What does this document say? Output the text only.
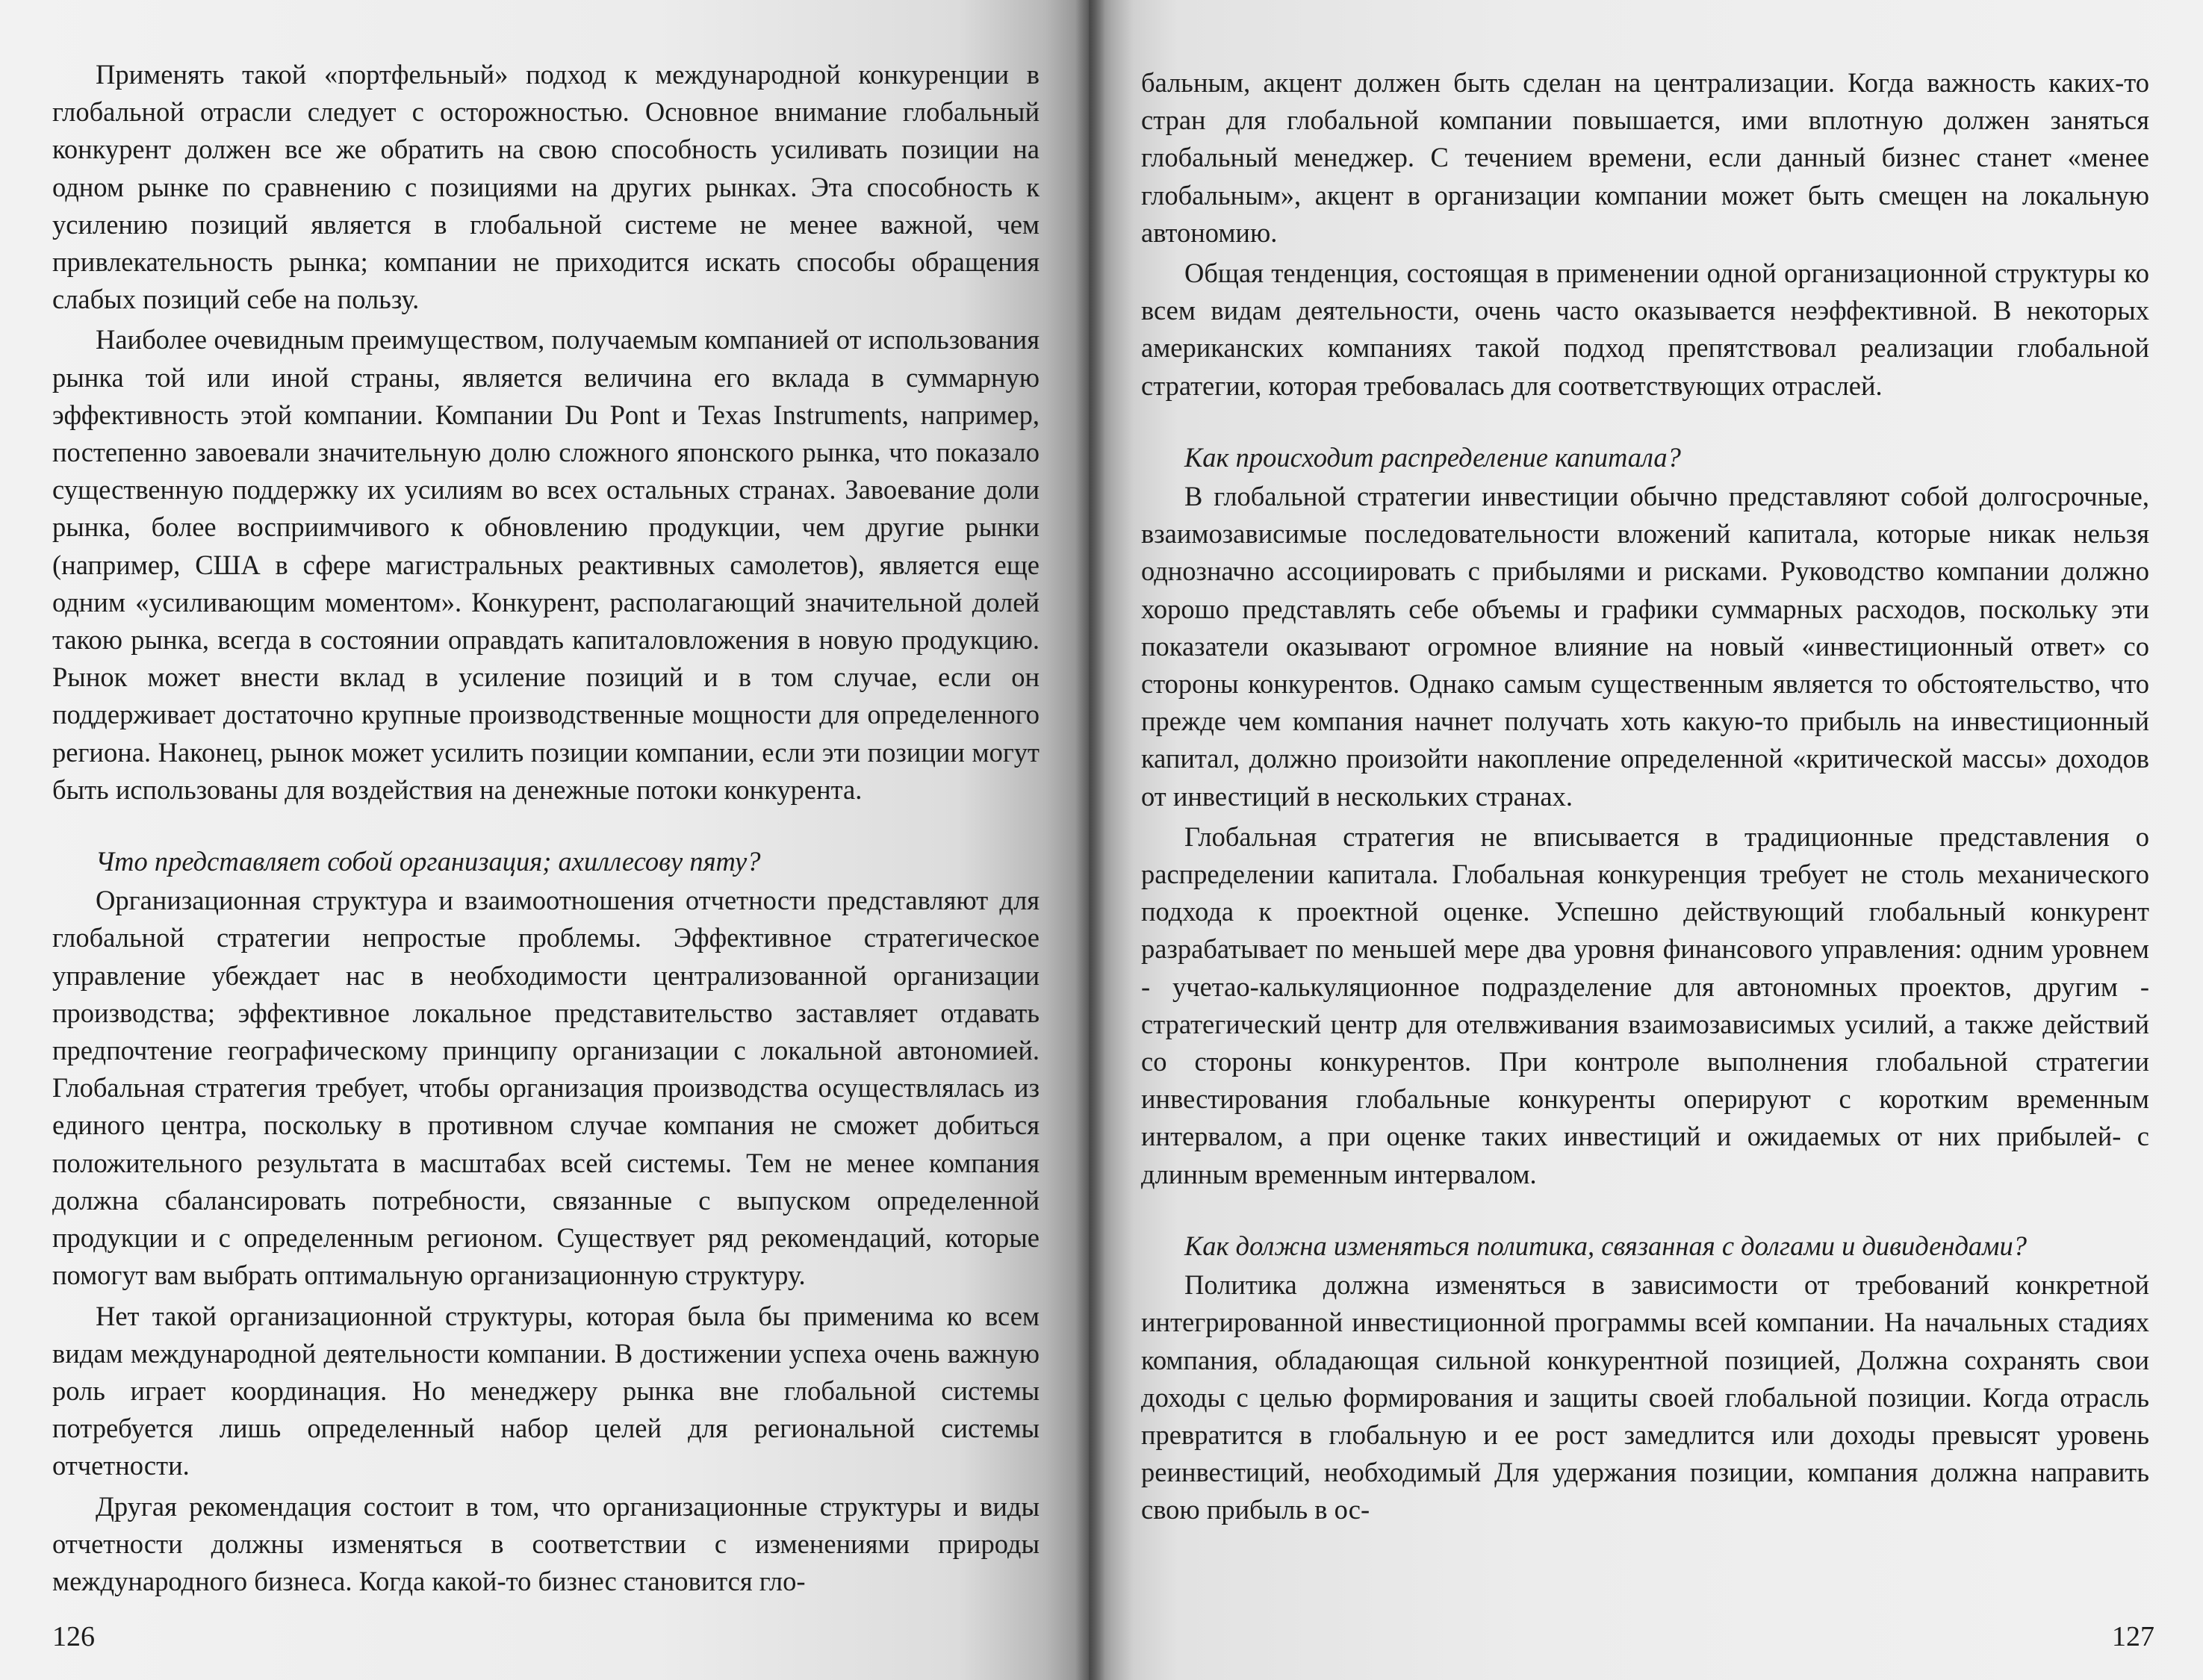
Применять такой «портфельный» подход к международной конкуренции в глобальной отрасли следует с осторожностью. Основное внимание глобальный конкурент должен все же обратить на свою способность усиливать позиции на одном рынке по сравнению с позициями на других рынках. Эта способность к усилению позиций является в глобальной системе не менее важной, чем привлекательность рынка; компании не приходится искать способы обращения слабых позиций себе на пользу.

Наиболее очевидным преимуществом, получаемым компанией от использования рынка той или иной страны, является величина его вклада в суммарную эффективность этой компании. Компании Du Pont и Texas Instruments, например, постепенно завоевали значительную долю сложного японского рынка, что показало существенную поддержку их усилиям во всех остальных странах. Завоевание доли рынка, более восприимчивого к обновлению продукции, чем другие рынки (например, США в сфере магистральных реактивных самолетов), является еще одним «усиливающим моментом». Конкурент, располагающий значительной долей такою рынка, всегда в состоянии оправдать капиталовложения в новую продукцию. Рынок может внести вклад в усиление позиций и в том случае, если он поддерживает достаточно крупные производственные мощности для определенного региона. Наконец, рынок может усилить позиции компании, если эти позиции могут быть использованы для воздействия на денежные потоки конкурента.

Что представляет собой организация; ахиллесову пяту?

Организационная структура и взаимоотношения отчетности представляют для глобальной стратегии непростые проблемы. Эффективное стратегическое управление убеждает нас в необходимости централизованной организации производства; эффективное локальное представительство заставляет отдавать предпочтение географическому принципу организации с локальной автономией. Глобальная стратегия требует, чтобы организация производства осуществлялась из единого центра, поскольку в противном случае компания не сможет добиться положительного результата в масштабах всей системы. Тем не менее компания должна сбалансировать потребности, связанные с выпуском определенной продукции и с определенным регионом. Существует ряд рекомендаций, которые помогут вам выбрать оптимальную организационную структуру.

Нет такой организационной структуры, которая была бы применима ко всем видам международной деятельности компании. В достижении успеха очень важную роль играет координация. Но менеджеру рынка вне глобальной системы потребуется лишь определенный набор целей для региональной системы отчетности.

Другая рекомендация состоит в том, что организационные структуры и виды отчетности должны изменяться в соответствии с изменениями природы международного бизнеса. Когда какой-то бизнес становится гло-

126

бальным, акцент должен быть сделан на централизации. Когда важность каких-то стран для глобальной компании повышается, ими вплотную должен заняться глобальный менеджер. С течением времени, если данный бизнес станет «менее глобальным», акцент в организации компании может быть смещен на локальную автономию.

Общая тенденция, состоящая в применении одной организационной структуры ко всем видам деятельности, очень часто оказывается неэффективной. В некоторых американских компаниях такой подход препятствовал реализации глобальной стратегии, которая требовалась для соответствующих отраслей.

Как происходит распределение капитала?

В глобальной стратегии инвестиции обычно представляют собой долгосрочные, взаимозависимые последовательности вложений капитала, которые никак нельзя однозначно ассоциировать с прибылями и рисками. Руководство компании должно хорошо представлять себе объемы и графики суммарных расходов, поскольку эти показатели оказывают огромное влияние на новый «инвестиционный ответ» со стороны конкурентов. Однако самым существенным является то обстоятельство, что прежде чем компания начнет получать хоть какую-то прибыль на инвестиционный капитал, должно произойти накопление определенной «критической массы» доходов от инвестиций в нескольких странах.

Глобальная стратегия не вписывается в традиционные представления о распределении капитала. Глобальная конкуренция требует не столь механического подхода к проектной оценке. Успешно действующий глобальный конкурент разрабатывает по меньшей мере два уровня финансового управления: одним уровнем - учетао-калькуляционное подразделение для автономных проектов, другим - стратегический центр для отелвживания взаимозависимых усилий, а также действий со стороны конкурентов. При контроле выполнения глобальной стратегии инвестирования глобальные конкуренты оперируют с коротким временным интервалом, а при оценке таких инвестиций и ожидаемых от них прибылей- с длинным временным интервалом.

Как должна изменяться политика, связанная с долгами и дивидендами?

Политика должна изменяться в зависимости от требований конкретной интегрированной инвестиционной программы всей компании. На начальных стадиях компания, обладающая сильной конкурентной позицией, Должна сохранять свои доходы с целью формирования и защиты своей глобальной позиции. Когда отрасль превратится в глобальную и ее рост замедлится или доходы превысят уровень реинвестиций, необходимый Для удержания позиции, компания должна направить свою прибыль в ос-

127
